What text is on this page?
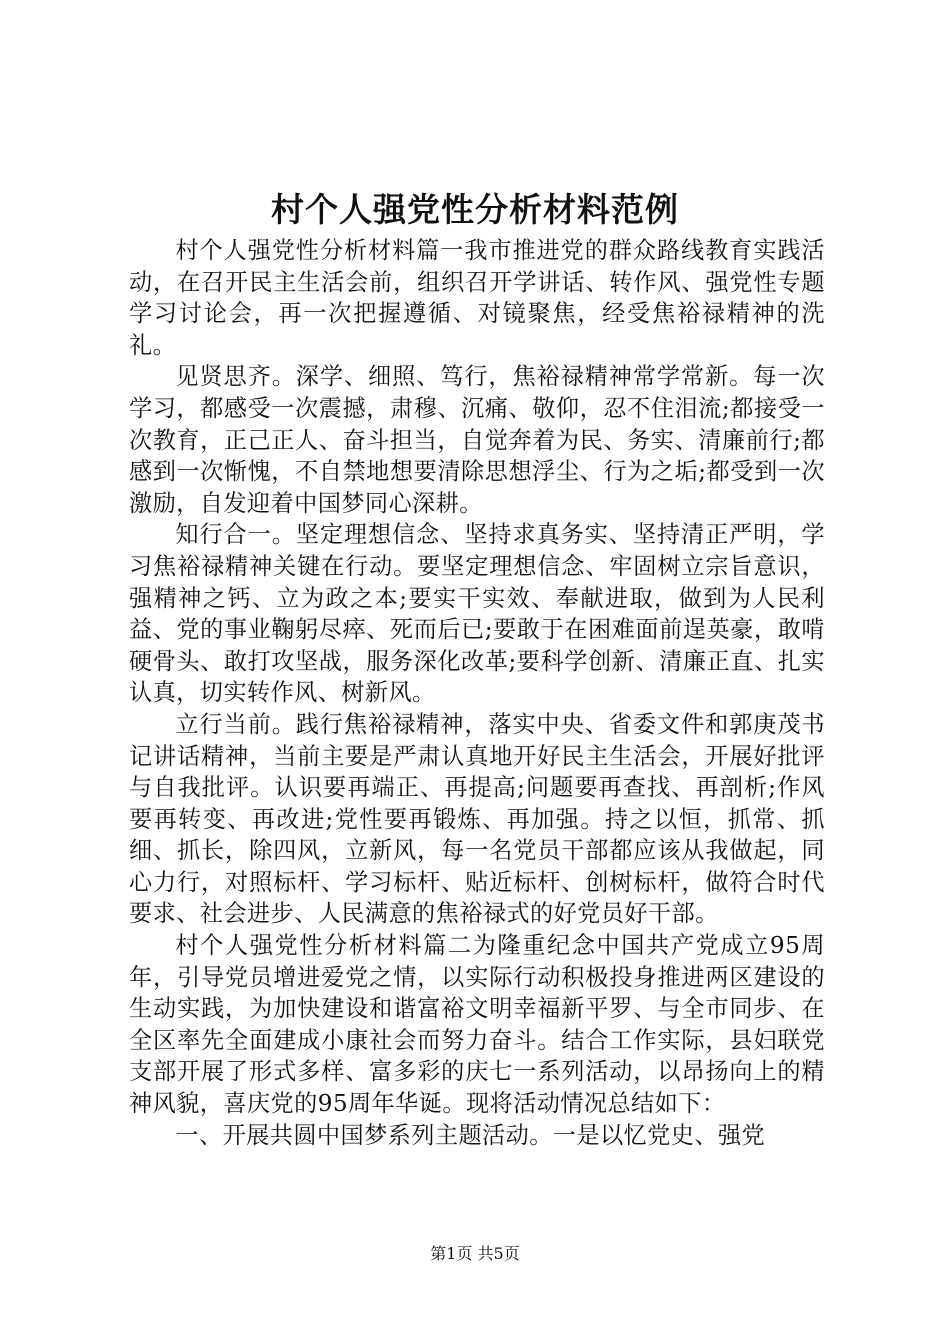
村个人强党性分析材料范例

村个人强党性分析材料篇一我市推进党的群众路线教育实践活动，在召开民主生活会前，组织召开学讲话、转作风、强党性专题学习讨论会，再一次把握遵循、对镜聚焦，经受焦裕禄精神的洗礼。

见贤思齐。深学、细照、笃行，焦裕禄精神常学常新。每一次学习，都感受一次震撼，肃穆、沉痛、敬仰，忍不住泪流;都接受一次教育，正己正人、奋斗担当，自觉奔着为民、务实、清廉前行;都感到一次惭愧，不自禁地想要清除思想浮尘、行为之垢;都受到一次激励，自发迎着中国梦同心深耕。

知行合一。坚定理想信念、坚持求真务实、坚持清正严明，学习焦裕禄精神关键在行动。要坚定理想信念、牢固树立宗旨意识，强精神之钙、立为政之本;要实干实效、奉献进取，做到为人民利益、党的事业鞠躬尽瘁、死而后已;要敢于在困难面前逞英豪，敢啃硬骨头、敢打攻坚战，服务深化改革;要科学创新、清廉正直、扎实认真，切实转作风、树新风。

立行当前。践行焦裕禄精神，落实中央、省委文件和郭庚茂书记讲话精神，当前主要是严肃认真地开好民主生活会，开展好批评与自我批评。认识要再端正、再提高;问题要再查找、再剖析;作风要再转变、再改进;党性要再锻炼、再加强。持之以恒，抓常、抓细、抓长，除四风，立新风，每一名党员干部都应该从我做起，同心力行，对照标杆、学习标杆、贴近标杆、创树标杆，做符合时代要求、社会进步、人民满意的焦裕禄式的好党员好干部。

村个人强党性分析材料篇二为隆重纪念中国共产党成立95周年，引导党员增进爱党之情，以实际行动积极投身推进两区建设的生动实践，为加快建设和谐富裕文明幸福新平罗、与全市同步、在全区率先全面建成小康社会而努力奋斗。结合工作实际，县妇联党支部开展了形式多样、富多彩的庆七一系列活动，以昂扬向上的精神风貌，喜庆党的95周年华诞。现将活动情况总结如下：

一、开展共圆中国梦系列主题活动。一是以忆党史、强党

第1页 共5页
